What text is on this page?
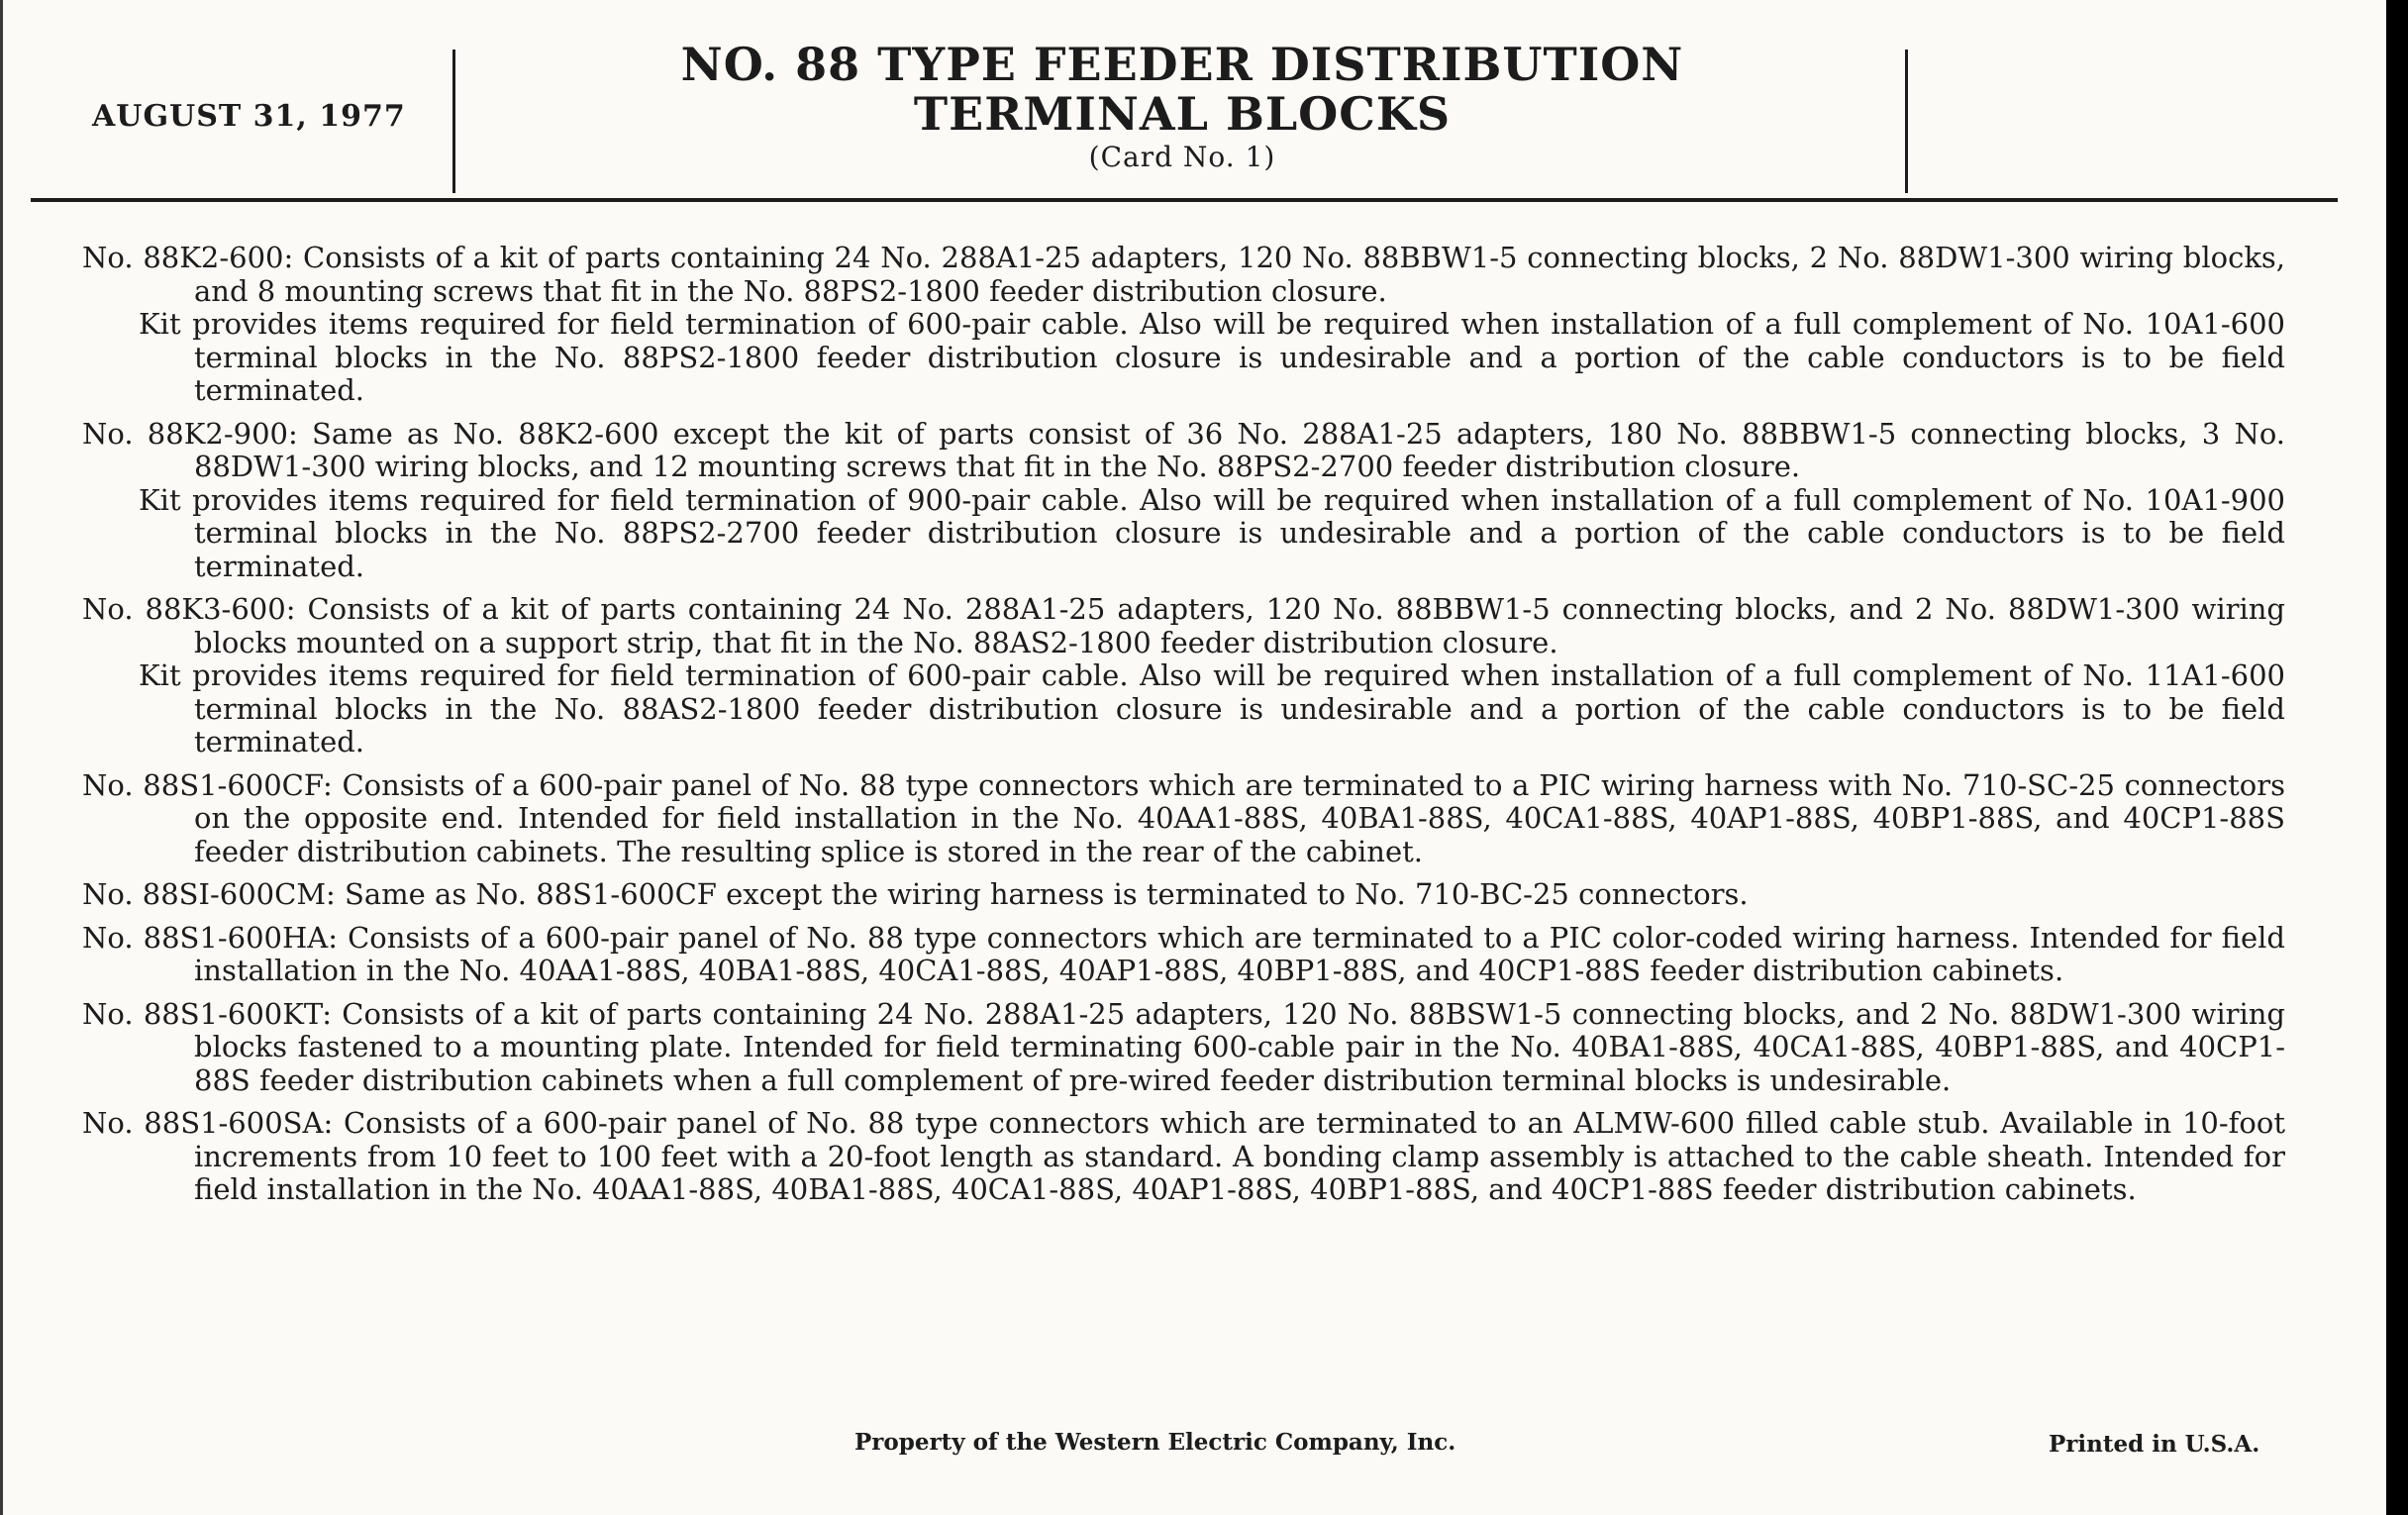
AUGUST 31, 1977
NO. 88 TYPE FEEDER DISTRIBUTION
TERMINAL BLOCKS
(Card No. 1)

No. 88K2-600: Consists of a kit of parts containing 24 No. 288A1-25 adapters, 120 No. 88BBW1-5 connecting blocks, 2 No. 88DW1-300 wiring blocks, and 8 mounting screws that fit in the No. 88PS2-1800 feeder distribution closure.

Kit provides items required for field termination of 600-pair cable. Also will be required when installation of a full complement of No. 10A1-600 terminal blocks in the No. 88PS2-1800 feeder distribution closure is undesirable and a portion of the cable conductors is to be field terminated.

No. 88K2-900: Same as No. 88K2-600 except the kit of parts consist of 36 No. 288A1-25 adapters, 180 No. 88BBW1-5 connecting blocks, 3 No. 88DW1-300 wiring blocks, and 12 mounting screws that fit in the No. 88PS2-2700 feeder distribution closure.

Kit provides items required for field termination of 900-pair cable. Also will be required when installation of a full complement of No. 10A1-900 terminal blocks in the No. 88PS2-2700 feeder distribution closure is undesirable and a portion of the cable conductors is to be field terminated.

No. 88K3-600: Consists of a kit of parts containing 24 No. 288A1-25 adapters, 120 No. 88BBW1-5 connecting blocks, and 2 No. 88DW1-300 wiring blocks mounted on a support strip, that fit in the No. 88AS2-1800 feeder distribution closure.

Kit provides items required for field termination of 600-pair cable. Also will be required when installation of a full complement of No. 11A1-600 terminal blocks in the No. 88AS2-1800 feeder distribution closure is undesirable and a portion of the cable conductors is to be field terminated.

No. 88S1-600CF: Consists of a 600-pair panel of No. 88 type connectors which are terminated to a PIC wiring harness with No. 710-SC-25 connectors on the opposite end. Intended for field installation in the No. 40AA1-88S, 40BA1-88S, 40CA1-88S, 40AP1-88S, 40BP1-88S, and 40CP1-88S feeder distribution cabinets. The resulting splice is stored in the rear of the cabinet.

No. 88SI-600CM: Same as No. 88S1-600CF except the wiring harness is terminated to No. 710-BC-25 connectors.

No. 88S1-600HA: Consists of a 600-pair panel of No. 88 type connectors which are terminated to a PIC color-coded wiring harness. Intended for field installation in the No. 40AA1-88S, 40BA1-88S, 40CA1-88S, 40AP1-88S, 40BP1-88S, and 40CP1-88S feeder distribution cabinets.

No. 88S1-600KT: Consists of a kit of parts containing 24 No. 288A1-25 adapters, 120 No. 88BSW1-5 connecting blocks, and 2 No. 88DW1-300 wiring blocks fastened to a mounting plate. Intended for field terminating 600-cable pair in the No. 40BA1-88S, 40CA1-88S, 40BP1-88S, and 40CP1-88S feeder distribution cabinets when a full complement of pre-wired feeder distribution terminal blocks is undesirable.

No. 88S1-600SA: Consists of a 600-pair panel of No. 88 type connectors which are terminated to an ALMW-600 filled cable stub. Available in 10-foot increments from 10 feet to 100 feet with a 20-foot length as standard. A bonding clamp assembly is attached to the cable sheath. Intended for field installation in the No. 40AA1-88S, 40BA1-88S, 40CA1-88S, 40AP1-88S, 40BP1-88S, and 40CP1-88S feeder distribution cabinets.

Property of the Western Electric Company, Inc.	Printed in U.S.A.
